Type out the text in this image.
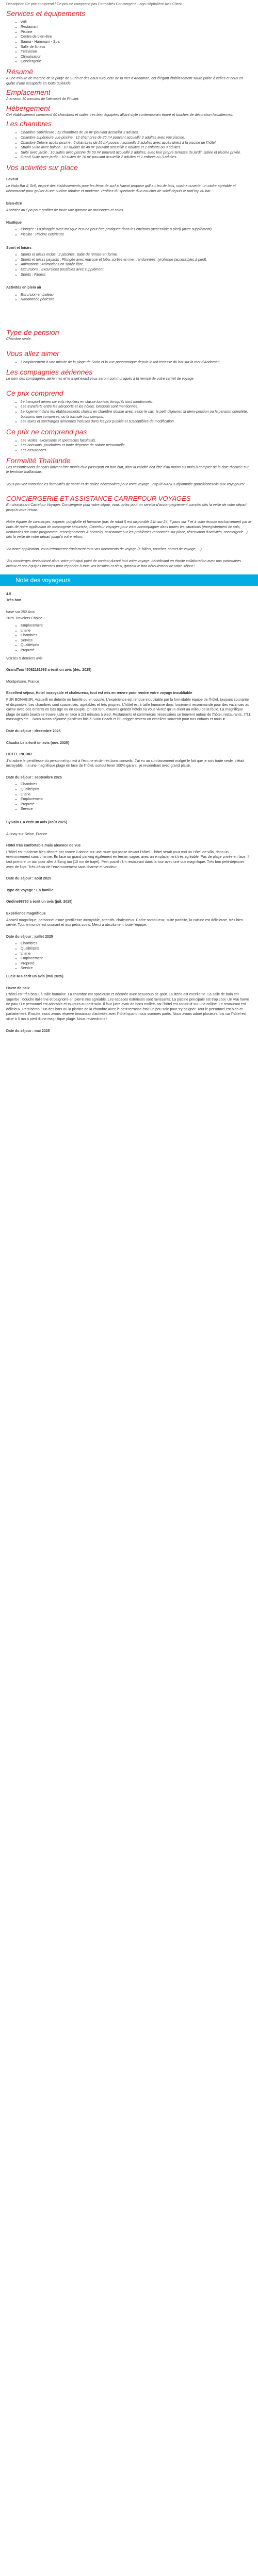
Description Ce prix comprend / Ce prix ne comprend pas Formalités Conciergerie Lago Hôpitalière Avis Client

Services et équipements
• Wifi
• Restaurant
• Piscine
• Centre de bien-être
• Sauna - Hammam - Spa
• Salle de fitness
• Télévision
• Climatisation
• Conciergerie
Résumé

A une minute de marche de la plage de Surin et des eaux turquoise de la mer d'Andaman, cet élégant établissement saura plaire à celles et ceux en quête d'une escapade en toute quiétude.

Emplacement

A environ 30 minutes de l'aéroport de Phuket.

Hébergement

Cet établissement comprend 60 chambres et suites très bien équipées alliant style contemporain épuré et touches de décoration hawaïennes.

Les chambres
• Chambre Supérieure : 12 chambres de 26 m² pouvant accueillir 2 adultes.
• Chambre supérieure vue piscine : 12 chambres de 26 m² pouvant accueillir 2 adultes avec vue piscine.
• Chambre Deluxe accès piscine : 6 chambres de 26 m² pouvant accueillir 2 adultes avec accès direct à la piscine de l'hôtel.
• Studio Suite avec balcon : 10 studios de 40 m² pouvant accueillir 2 adultes et 2 enfants ou 3 adultes.
• Suite avec jardin : 10 suites avec piscine de 50 m² pouvant accueillir 2 adultes, avec leur propre terrasse de jardin isolée et piscine privée.
• Grand Suite avec jardin : 10 suites de 70 m² pouvant accueillir 2 adultes et 2 enfants ou 3 adultes.
Vos activités sur place

Saveur

Le Nalu Bar & Grill, inspiré des établissements pour les férus de surf à Hawaï propose grill au feu de bois, cuisine ouverte, un cadre agréable et décontracté pour goûter à une cuisine urbaine et moderne. Profitez du spectacle d'un coucher de soleil depuis le roof top du bar.

Bien-être

Accédez au Spa pour profiter de toute une gamme de massages et soins.

Nautique

• Plongée : La plongée avec masque et tuba peut être pratiquée dans les environs (accessible à pied) (avec supplément).
• Piscine : Piscine extérieure

Sport et loisirs

• Sports et loisirs inclus : 2 piscines. Salle de remise en forme.
• Sports et loisirs payants : Plongée avec masque et tuba, sorties en mer, randonnées, tyrolienne (accessibles à pied).
• Animations : Animations en soirée libre.
• Excursions : Excursions possibles avec supplément.
• Sports : Fitness

Activités en plein air

• Excursion en bateau
• Randonnée pédestre
Type de pension

Chambre seule.

Vous allez aimer
• L'emplacement à une minute de la plage de Surin et la vue panoramique depuis le toit terrasse du bar sur la mer d'Andaman.
Les compagnies aériennes

Le nom des compagnies aériennes et le trajet exact vous seront communiqués à la remise de votre carnet de voyage

Ce prix comprend
• Le transport aérien sur vols réguliers en classe touriste, lorsqu'ils sont mentionnés.
• Les transferts entre les aéroports et les hôtels, lorsqu'ils sont mentionnés.
• Le logement dans les établissements choisis en chambre double avec, selon le cas, le petit déjeuner, la demi-pension ou la pension complète, boissons non comprises, ou la formule tout compris.
• Les taxes et surcharges aériennes incluses dans les prix publiés et susceptibles de modification.
Ce prix ne comprend pas
• Les visites, excursions et spectacles facultatifs.
• Les boissons, pourboires et toute dépense de nature personnelle.
• Les assurances.
Formalité Thaïlande

Les ressortissants français doivent être munis d'un passeport en bon état, dont la validité doit être d'au moins six mois à compter de la date d'entrée sur le territoire thaïlandais.

Vous pouvez consulter les formalités de santé et de police nécessaires pour votre voyage : http://FRANCEdiplomatie.gouv.fr/conseils-aux-voyageurs/

CONCIERGERIE ET ASSISTANCE CARREFOUR VOYAGES

En choisissant Carrefour Voyages Conciergerie pour votre séjour, vous optez pour un service d'accompagnement complet dès la veille de votre départ jusqu'à votre retour.

Notre équipe de concierges, experte, polyglotte et humaine (pas de robot !) est disponible 24h sur 24, 7 jours sur 7 et à votre écoute exclusivement par le biais de notre application de messagerie sécurisée, Carrefour Voyages pour vous accompagner dans toutes les situations (enregistrement de vols, demandes sur votre programme, renseignements & conseils, assistance sur les problèmes rencontrés sur place, réservation d'activités, conciergerie...) dès la veille de votre départ jusqu'à votre retour.

Via notre application, vous retrouverez également tous vos documents de voyage (e-billets, voucher, carnet de voyage, ...)

Vos concierges deviendront alors votre principal point de contact durant tout votre voyage, bénéficiant en étroite collaboration avec nos partenaires locaux et nos équipes internes pour répondre à tous vos besoins et ainsi, garantir le bon déroulement de votre séjour !

Note des voyageurs

4.5

Très bon

basé sur 252 Avis

2025 Travelers Choice

• Emplacement
• Literie
• Chambres
• Service
• Qualité/prix
• Propreté

Voir les 5 derniers avis

GrandTour45062161563 a écrit un avis (déc. 2025)

Montpelsom, France

Excellent séjour, Hotel incroyable et chaleureux, tout est mis en œuvre pour rendre votre voyage inoubliable

PUR BONHEUR. Accueilli en détente en famille ou en couple. L'expérience est rendue inoubliable par la formidable équipe de l'hôtel, toujours souriante et disponible. Les chambres sont spacieuses, agréables et très propres. L'hôtel est à taille humaine donc forcément recommandé pour des vacances au calme avec des enfants en bas âge ou en couple. On est tenu d'autres grands hôtels où vous vivrez qu'un client au milieu de la foule. La magnifique plage de surin beach se trouve juste en face à 2/3 minutes à pied. Restaurants et commerces nécessaires se trouvent autour de l'hôtel, restaurants, 7/11, massages etc... Nous avons séjourné plusieurs fois à Surin Beach et l'Outrigger restera un excellent souvenir pour nos enfants et nous ♥

Date du séjour : décembre 2025

Claudia Le a écrit un avis (nov. 2025)

HOTEL INCRIR

J'ai adoré le gentillesse du personnel qui est à l'écoute et de très bons conseils. J'ai eu un surclassement malgré le fait que je sois toute seule, c'était incroyable. Il a une magnifique plage en face de l'hôtel, surtout lever 100% garanti, je reviendrais avec grand plaisir.

Date du séjour : septembre 2025

• Chambres
• Qualité/prix
• Literie
• Emplacement
• Propreté
• Service

Sylvain L a écrit un avis (août 2025)

Aulnay-sur-Seine, France

Hôtel très confortable mais absence de vue

L'hôtel est moderne bien décoré par contre il donne sur une route qui passe devant l'hôtel. L'hôtel serait pour moi un Hôtel de villa, dans un environnement sans charme. En face un grand parking également en terrain vague, avec un emplacement très agréable. Pas de plage privée en face. Il faut prendre un taxi pour aller à Bang tao (10 mn de trajet). Petit positif : Un restaurant dans la tour avec une vue magnifique. Très bon petit-déjeuner avec de l'opt. Très décor de l'environnement sans charme et vendeur.

Date du séjour : août 2025

Type de voyage : En famille

Ondine98760 a écrit un avis (juil. 2025)

Expérience magnifique

Accueil magnifique, personnel d'une gentillesse incroyable, attentifs, chaleureux. Cadre somptueux, suite parfaite, la cuisine est délicieuse, très bien servie. Tout le monde est souriant et aux petits soins. Merci à absolument toute l'équipe.

Date du séjour : juillet 2025

• Chambres
• Qualité/prix
• Literie
• Emplacement
• Propreté
• Service

Lucie M a écrit un avis (mai 2025)

Havre de paix

L'hôtel est très beau, à taille humaine. La chambre est spacieuse et décorée avec beaucoup de goût. La literie est excellente. La salle de bain est superbe : douche italienne et baignoire en pierre très agréable. Les espaces extérieurs sont ravissants. La piscine principale est trop cool. Un vrai havre de paix ! Le personnel est adorable et toujours au petit soin. Il faut juste avoir de bons mollets car l'hôtel est construit sur une colline. Le restaurant est délicieux. Petit bémol : un des bars ou la piscine de la chambre avec le petit terrasse était un peu sale pour s'y baigner. Tout le personnel est bien et parfaitement. Ensuite, nous avons réservé beaucoup d'activités avec l'hôtel quand nous sommes partis. Nous avons adoré plusieurs fois car l'hôtel est situé à 5 mn à pied d'une magnifique plage. Nous reviendrons !

Date du séjour : mai 2025
